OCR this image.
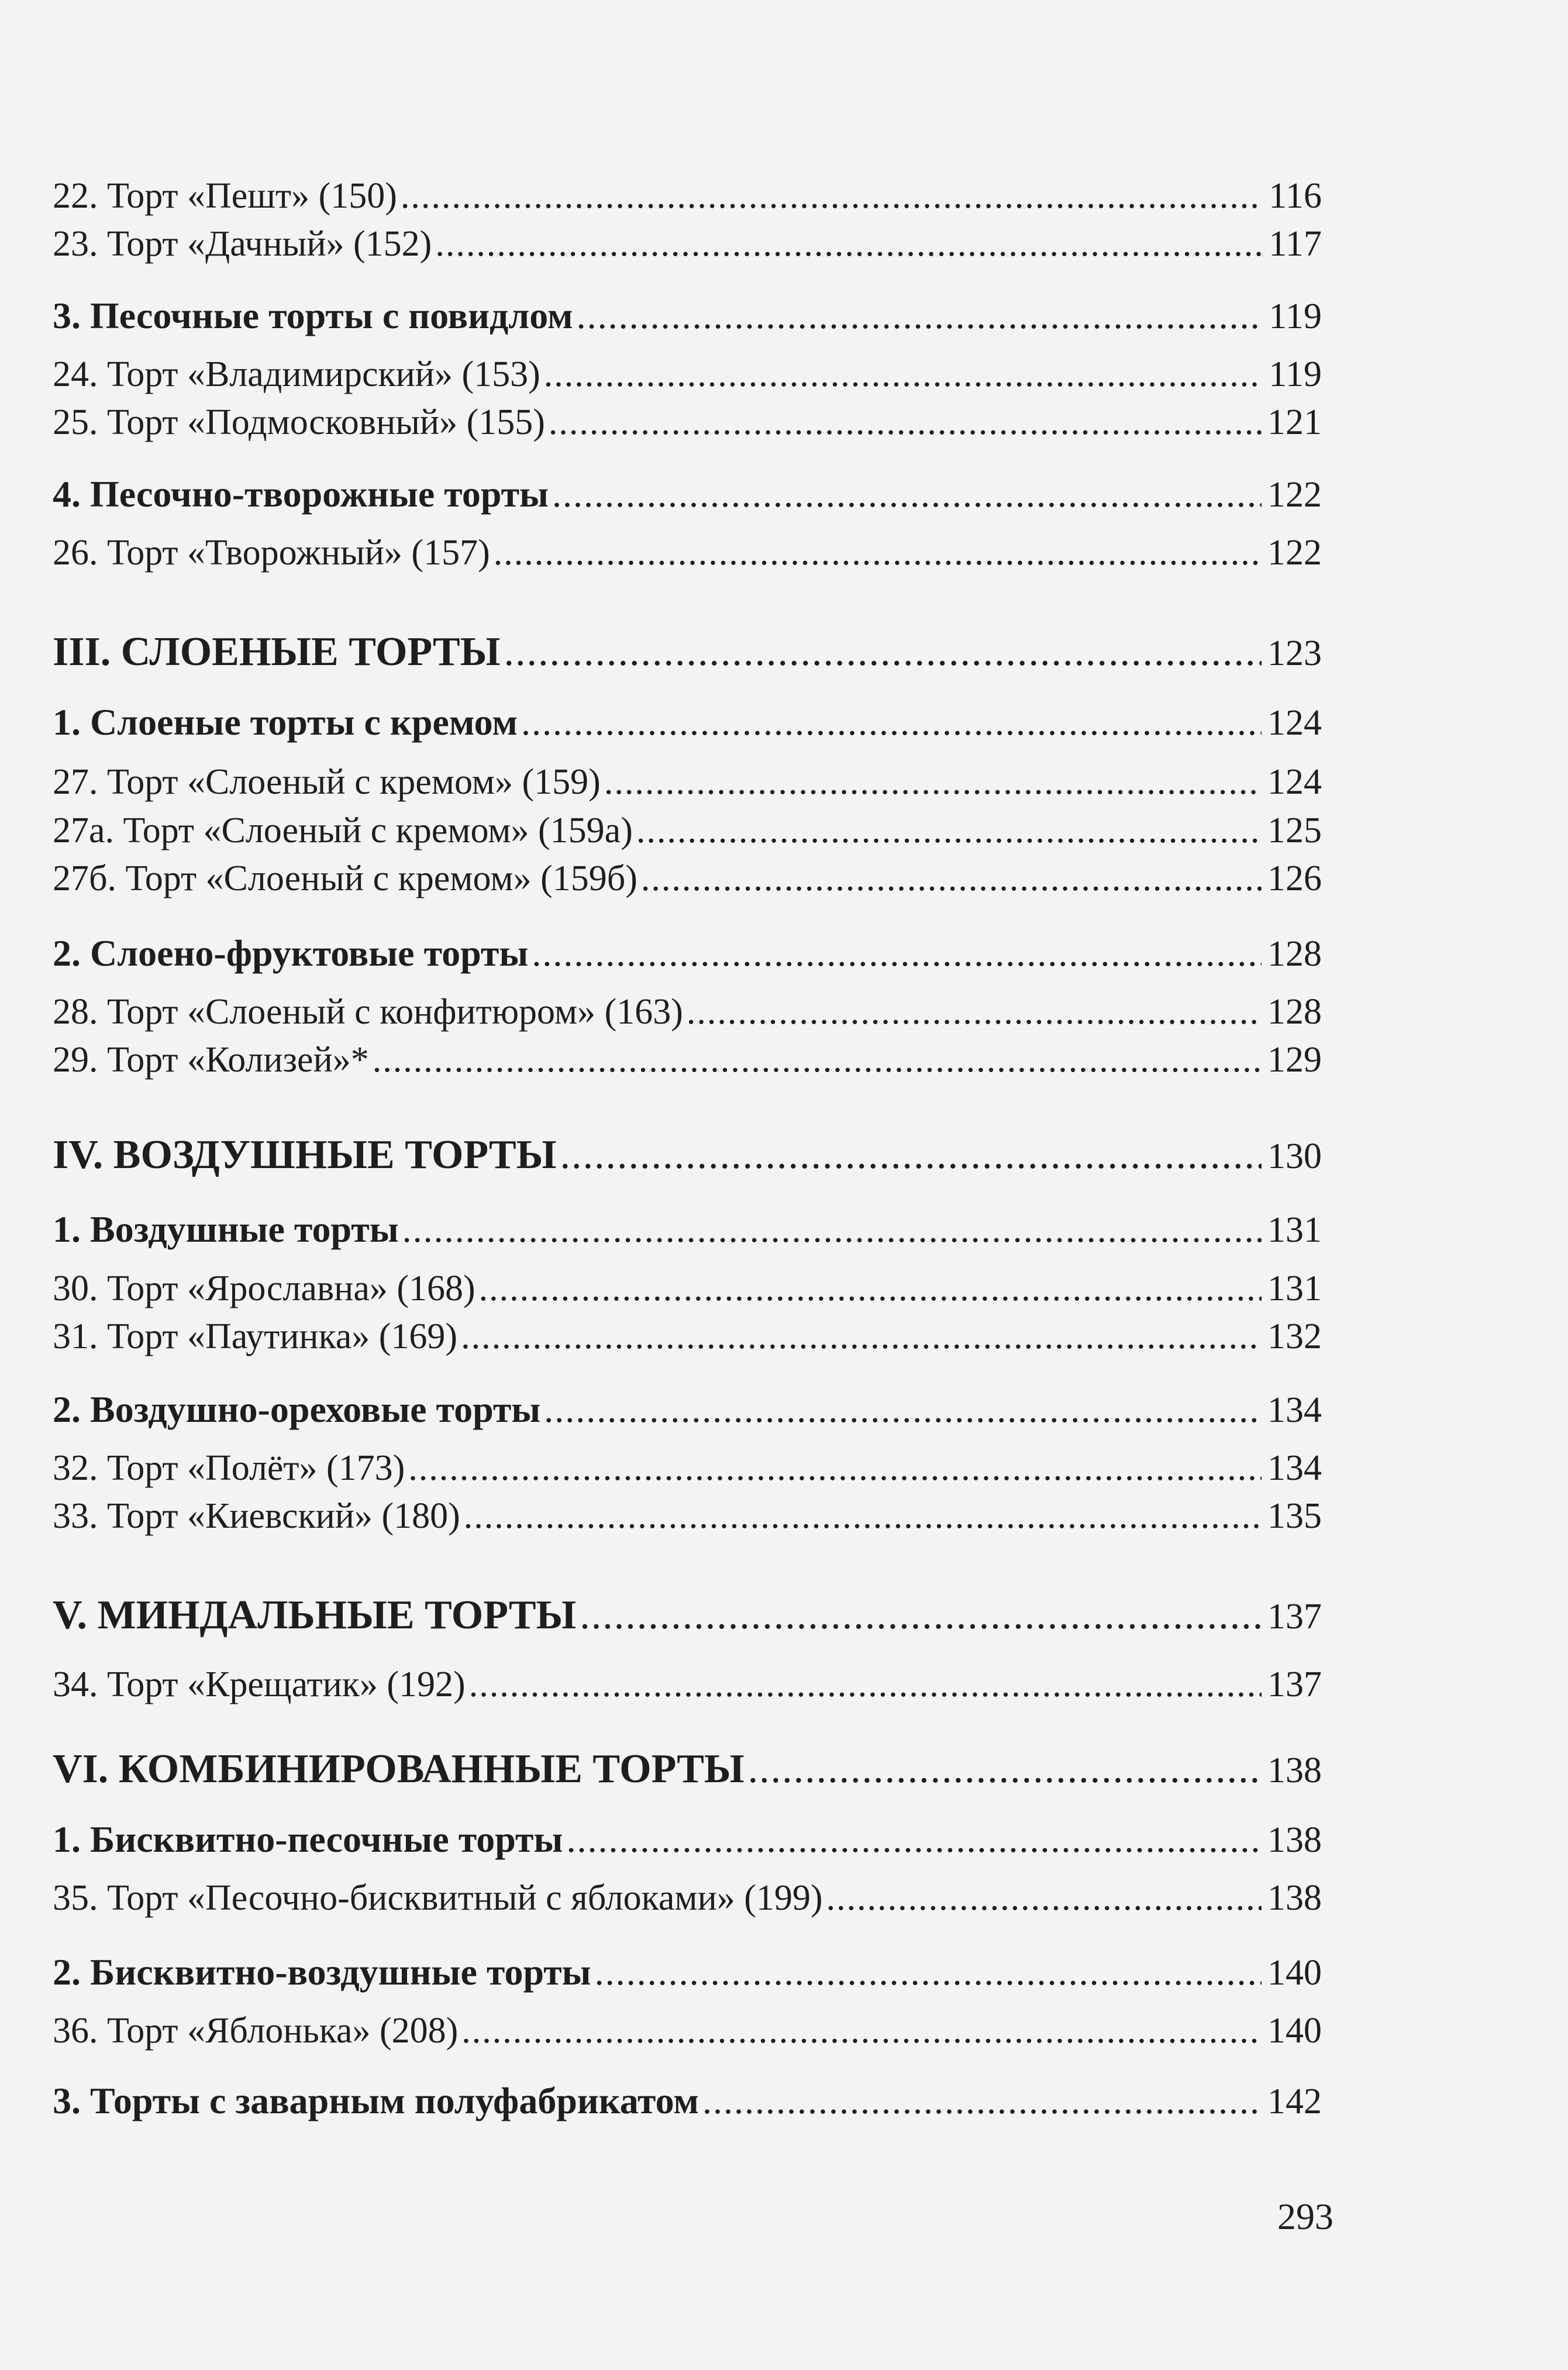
22. Торт «Пешт» (150) .....	116
23. Торт «Дачный» (152) .....	117
3. Песочные торты с повидлом .....	119
24. Торт «Владимирский» (153) .....	119
25. Торт «Подмосковный» (155) .....	121
4. Песочно-творожные торты .....	122
26. Торт «Творожный» (157) .....	122
III. СЛОЕНЫЕ ТОРТЫ .....	123
1. Слоеные торты с кремом .....	124
27. Торт «Слоеный с кремом» (159) .....	124
27а. Торт «Слоеный с кремом» (159а) .....	125
27б. Торт «Слоеный с кремом» (159б) .....	126
2. Слоено-фруктовые торты .....	128
28. Торт «Слоеный с конфитюром» (163) .....	128
29. Торт «Колизей»* .....	129
IV. ВОЗДУШНЫЕ ТОРТЫ .....	130
1. Воздушные торты .....	131
30. Торт «Ярославна» (168) .....	131
31. Торт «Паутинка» (169) .....	132
2. Воздушно-ореховые торты .....	134
32. Торт «Полёт» (173) .....	134
33. Торт «Киевский» (180) .....	135
V. МИНДАЛЬНЫЕ ТОРТЫ .....	137
34. Торт «Крещатик» (192) .....	137
VI. КОМБИНИРОВАННЫЕ ТОРТЫ .....	138
1. Бисквитно-песочные торты .....	138
35. Торт «Песочно-бисквитный с яблоками» (199) .....	138
2. Бисквитно-воздушные торты .....	140
36. Торт «Яблонька» (208) .....	140
3. Торты с заварным полуфабрикатом .....	142
293
